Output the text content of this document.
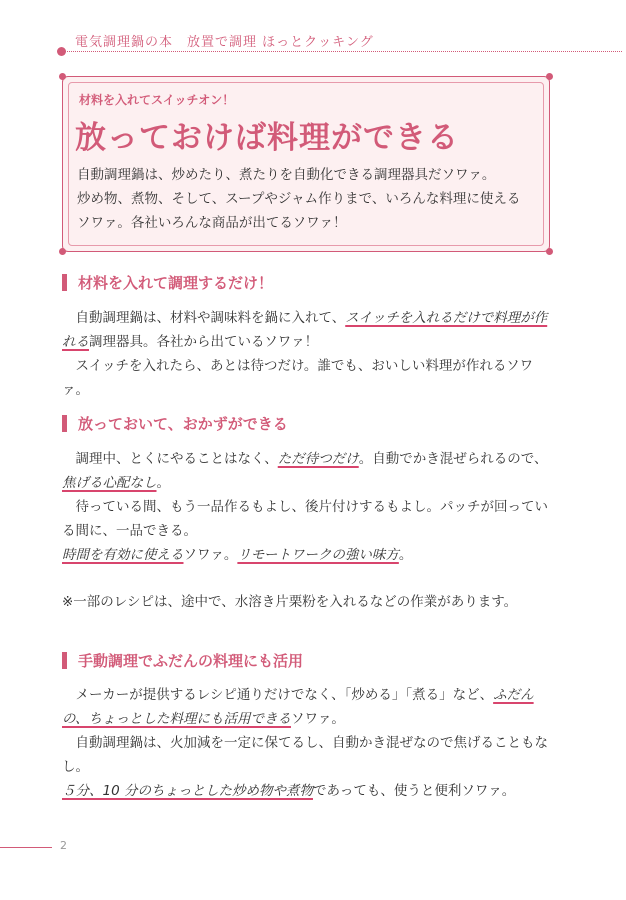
電気調理鍋の本　放置で調理 ほっとクッキング
材料を入れてスイッチオン！
放っておけば料理ができる
自動調理鍋は、炒めたり、煮たりを自動化できる調理器具だソワァ。
炒め物、煮物、そして、スープやジャム作りまで、いろんな料理に使える
ソワァ。各社いろんな商品が出てるソワァ！
材料を入れて調理するだけ！
　自動調理鍋は、材料や調味料を鍋に入れて、スイッチを入れるだけで料理が作れる調理器具。各社から出ているソワァ！
　スイッチを入れたら、あとは待つだけ。誰でも、おいしい料理が作れるソワァ。
放っておいて、おかずができる
　調理中、とくにやることはなく、ただ待つだけ。自動でかき混ぜられるので、焦げる心配なし。
　待っている間、もう一品作るもよし、後片付けするもよし。パッチが回っている間に、一品できる。
時間を有効に使えるソワァ。リモートワークの強い味方。
※一部のレシピは、途中で、水溶き片栗粉を入れるなどの作業があります。
手動調理でふだんの料理にも活用
　メーカーが提供するレシピ通りだけでなく、「炒める」「煮る」など、ふだんの、ちょっとした料理にも活用できるソワァ。
　自動調理鍋は、火加減を一定に保てるし、自動かき混ぜなので焦げることもなし。
５分、10 分のちょっとした炒め物や煮物であっても、使うと便利ソワァ。
2
